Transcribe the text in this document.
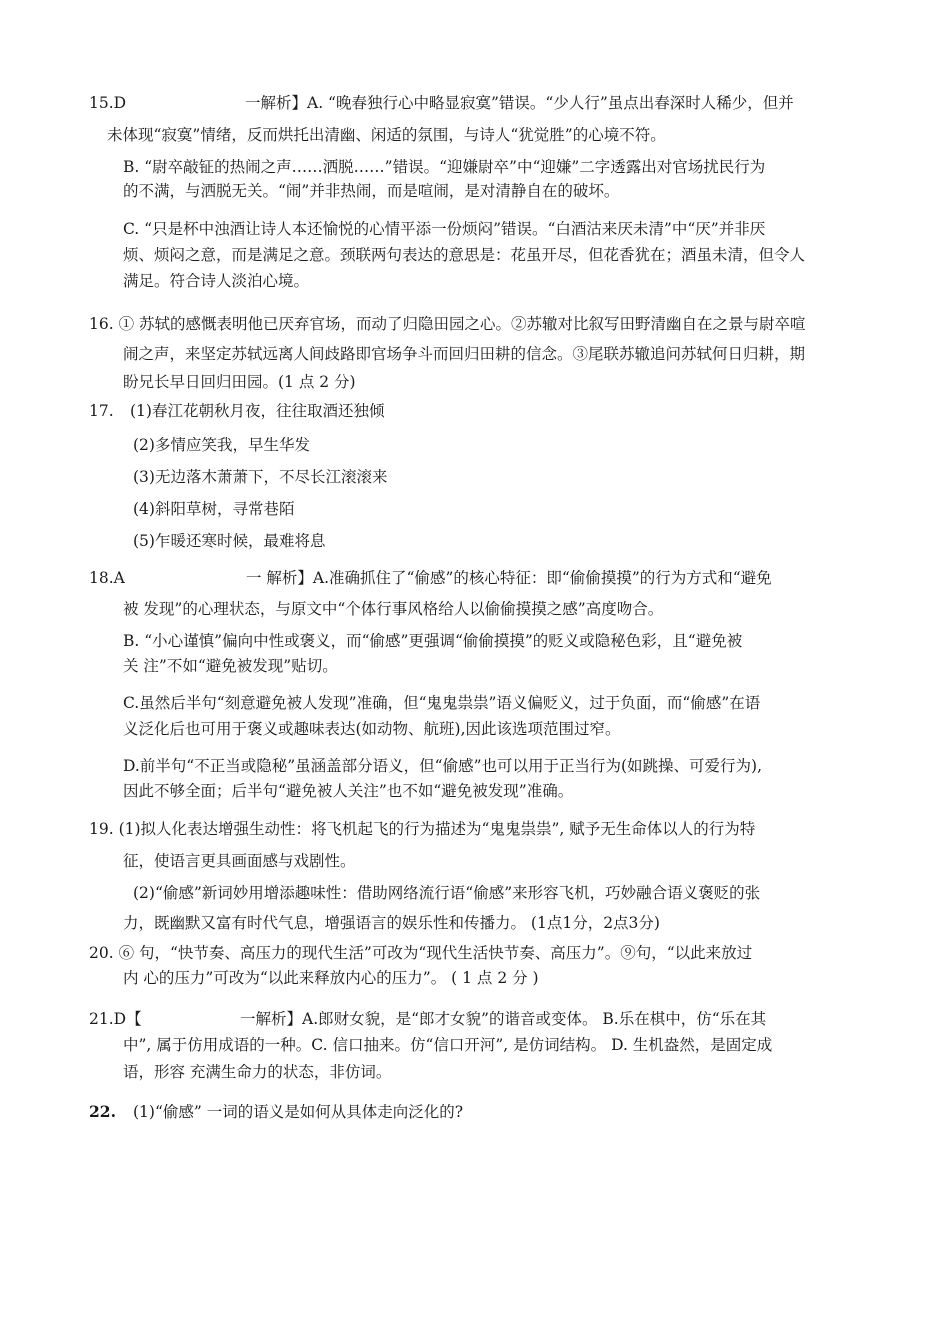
15.D	一解析】A. “晚春独行心中略显寂寞”错误。“少人行”虽点出春深时人稀少，但并
未体现“寂寞”情绪，反而烘托出清幽、闲适的氛围，与诗人“犹觉胜”的心境不符。
B. “尉卒敲钲的热闹之声……洒脱……”错误。“迎嫌尉卒”中“迎嫌”二字透露出对官场扰民行为
的不满，与洒脱无关。“闹”并非热闹，而是喧闹，是对清静自在的破坏。
C. “只是杯中浊酒让诗人本还愉悦的心情平添一份烦闷”错误。“白酒沽来厌未清”中“厌”并非厌
烦、烦闷之意，而是满足之意。颈联两句表达的意思是：花虽开尽，但花香犹在；酒虽未清，但令人
满足。符合诗人淡泊心境。
16. ① 苏轼的感慨表明他已厌弃官场，而动了归隐田园之心。②苏辙对比叙写田野清幽自在之景与尉卒喧
闹之声，来坚定苏轼远离人间歧路即官场争斗而回归田耕的信念。③尾联苏辙追问苏轼何日归耕，期
盼兄长早日回归田园。(1 点 2 分)
17. (1)春江花朝秋月夜，往往取酒还独倾
(2)多情应笑我，早生华发
(3)无边落木萧萧下，不尽长江滚滚来
(4)斜阳草树，寻常巷陌
(5)乍暖还寒时候，最难将息
18.A	一 解析】A.准确抓住了“偷感”的核心特征：即“偷偷摸摸”的行为方式和“避免
被 发现”的心理状态，与原文中“个体行事风格给人以偷偷摸摸之感”高度吻合。
B. “小心谨慎”偏向中性或褒义，而“偷感”更强调“偷偷摸摸”的贬义或隐秘色彩，且“避免被
关 注”不如“避免被发现”贴切。
C.虽然后半句“刻意避免被人发现”准确，但“鬼鬼祟祟”语义偏贬义，过于负面，而“偷感”在语
义泛化后也可用于褒义或趣味表达(如动物、航班),因此该选项范围过窄。
D.前半句“不正当或隐秘”虽涵盖部分语义，但“偷感”也可以用于正当行为(如跳操、可爱行为),
因此不够全面；后半句“避免被人关注”也不如“避免被发现”准确。
19. (1)拟人化表达增强生动性：将飞机起飞的行为描述为“鬼鬼祟祟”, 赋予无生命体以人的行为特
征，使语言更具画面感与戏剧性。
(2)“偷感”新词妙用增添趣味性：借助网络流行语“偷感”来形容飞机，巧妙融合语义褒贬的张
力，既幽默又富有时代气息，增强语言的娱乐性和传播力。 (1点1分，2点3分)
20. ⑥ 句，“快节奏、高压力的现代生活”可改为“现代生活快节奏、高压力”。⑨句，“以此来放过
内 心的压力”可改为“以此来释放内心的压力”。 ( 1 点 2 分 )
21.D【	一解析】A.郎财女貌，是“郎才女貌”的谐音或变体。 B.乐在棋中，仿“乐在其
中”, 属于仿用成语的一种。C. 信口抽来。仿“信口开河”, 是仿词结构。 D. 生机盎然，是固定成
语，形容 充满生命力的状态，非仿词。
22. (1)“偷感” 一词的语义是如何从具体走向泛化的?
